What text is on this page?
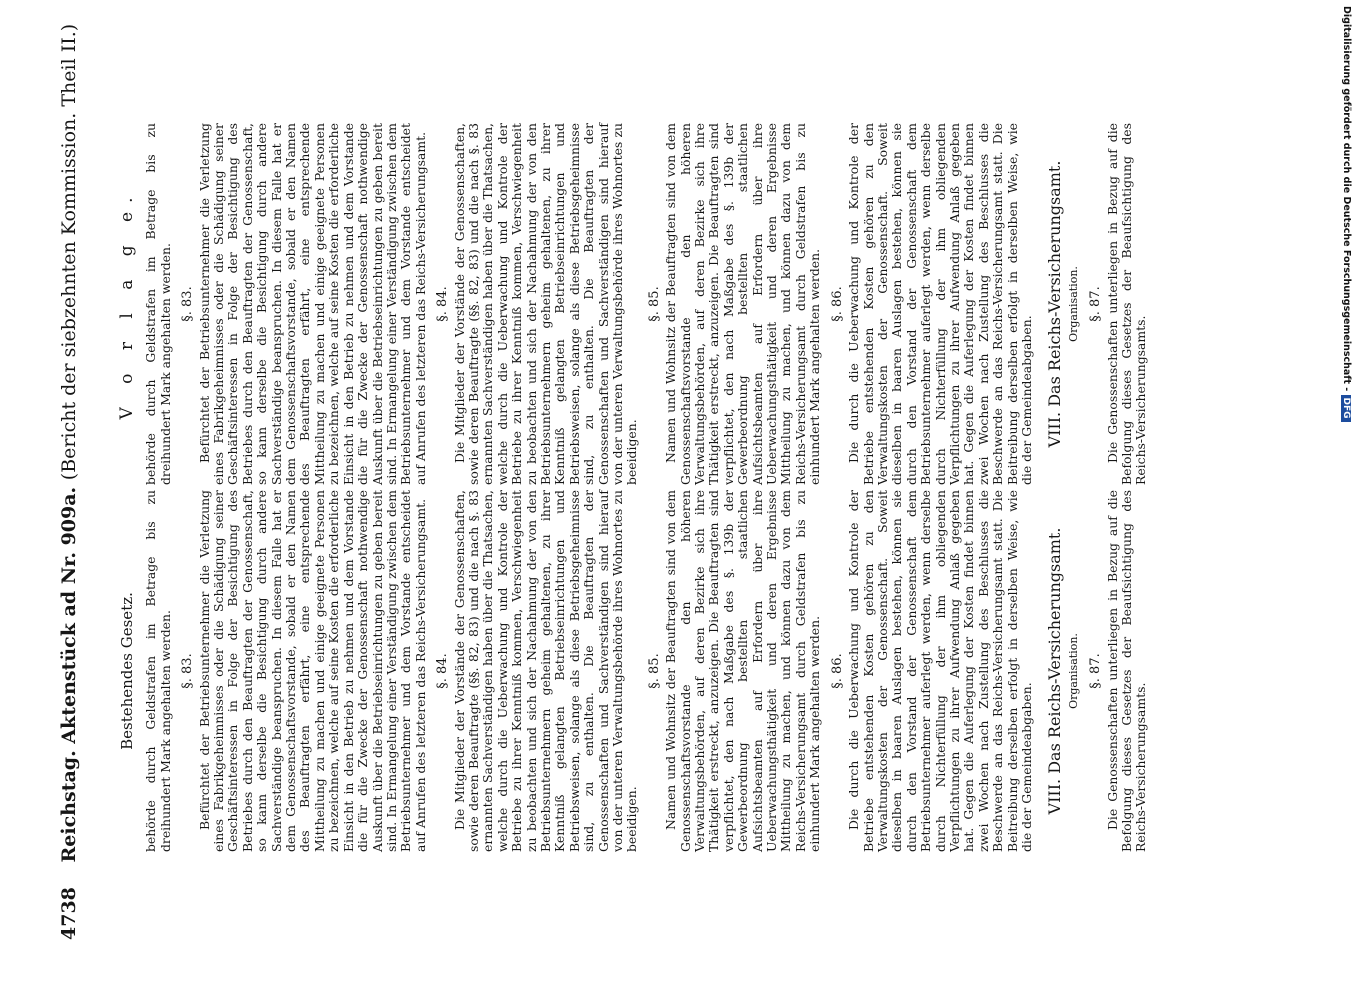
4738 Reichstag. Aktenstück ad Nr. 909a. (Bericht der siebzehnten Kommission. Theil II.)
Bestehendes Gesetz. behörde durch Geldstrafen im Betrage bis zu dreihundert Mark angehalten werden. §. 83. Befürchtet der Betriebsunternehmer die Verletzung eines Fabrikgeheimnisses oder die Schädigung seiner Geschäftsinteressen in Folge der Besichtigung des Betriebes durch den Beauftragten der Genossenschaft, so kann derselbe die Besichtigung durch andere Sachverständige beanspruchen. In diesem Falle hat er dem Genossenschaftsvorstande, sobald er den Namen des Beauftragten erfährt, eine entsprechende Mittheilung zu machen und einige geeignete Personen zu bezeichnen, welche auf seine Kosten die erforderliche Einsicht in den Betrieb zu nehmen und dem Vorstande die für die Zwecke der Genossenschaft nothwendige Auskunft über die Betriebseinrichtungen zu geben bereit sind. In Ermangelung einer Verständigung zwischen dem Betriebsunternehmer und dem Vorstande entscheidet auf Anrufen des letzteren das Reichs-Versicherungsamt. §. 84. Die Mitglieder der Vorstände der Genossenschaften, sowie deren Beauftragte (§§. 82, 83) und die nach §. 83 ernannten Sachverständigen haben über die Thatsachen, welche durch die Ueberwachung und Kontrole der Betriebe zu ihrer Kenntniß kommen, Verschwiegenheit zu beobachten und sich der Nachahmung der von den Betriebsunternehmern geheim gehaltenen, zu ihrer Kenntniß gelangten Betriebseinrichtungen und Betriebsweisen, solange als diese Betriebsgeheimnisse sind, zu enthalten. Die Beauftragten der Genossenschaften und Sachverständigen sind hierauf von der unteren Verwaltungsbehörde ihres Wohnortes zu beeidigen.

§. 85. Namen und Wohnsitz der Beauftragten sind von dem Genossenschaftsvorstande den höheren Verwaltungsbehörden, auf deren Bezirke sich ihre Thätigkeit erstreckt, anzuzeigen. Die Beauftragten sind verpflichtet, den nach Maßgabe des §. 139b der Gewerbeordnung bestellten staatlichen Aufsichtsbeamten auf Erfordern über ihre Ueberwachungsthätigkeit und deren Ergebnisse Mittheilung zu machen, und können dazu von dem Reichs-Versicherungsamt durch Geldstrafen bis zu einhundert Mark angehalten werden. §. 86. Die durch die Ueberwachung und Kontrole der Betriebe entstehenden Kosten gehören zu den Verwaltungskosten der Genossenschaft. Soweit dieselben in baaren Auslagen bestehen, können sie durch den Vorstand der Genossenschaft dem Betriebsunternehmer auferlegt werden, wenn derselbe durch Nichterfüllung der ihm obliegenden Verpflichtungen zu ihrer Aufwendung Anlaß gegeben hat. Gegen die Auferlegung der Kosten findet binnen zwei Wochen nach Zustellung des Beschlusses die Beschwerde an das Reichs-Versicherungsamt statt. Die Beitreibung derselben erfolgt in derselben Weise, wie die der Gemeindeabgaben. VIII. Das Reichs-Versicherungsamt. Organisation. §. 87. Die Genossenschaften unterliegen in Bezug auf die Befolgung dieses Gesetzes der Beaufsichtigung des Reichs-Versicherungsamts.

V o r l a g e. behörde durch Geldstrafen im Betrage bis zu dreihundert Mark angehalten werden. §. 83. Befürchtet der Betriebsunternehmer die Verletzung eines Fabrikgeheimnisses oder die Schädigung seiner Geschäftsinteressen in Folge der Besichtigung des Betriebes durch den Beauftragten der Genossenschaft, so kann derselbe die Besichtigung durch andere Sachverständige beanspruchen. In diesem Falle hat er dem Genossenschaftsvorstande, sobald er den Namen des Beauftragten erfährt, eine entsprechende Mittheilung zu machen und einige geeignete Personen zu bezeichnen, welche auf seine Kosten die erforderliche Einsicht in den Betrieb zu nehmen und dem Vorstande die für die Zwecke der Genossenschaft nothwendige Auskunft über die Betriebseinrichtungen zu geben bereit sind. In Ermangelung einer Verständigung zwischen dem Betriebsunternehmer und dem Vorstande entscheidet auf Anrufen des letzteren das Reichs-Versicherungsamt. §. 84. Die Mitglieder der Vorstände der Genossenschaften, sowie deren Beauftragte (§§. 82, 83) und die nach §. 83 ernannten Sachverständigen haben über die Thatsachen, welche durch die Ueberwachung und Kontrole der Betriebe zu ihrer Kenntniß kommen, Verschwiegenheit zu beobachten und sich der Nachahmung der von den Betriebsunternehmern geheim gehaltenen, zu ihrer Kenntniß gelangten Betriebseinrichtungen und Betriebsweisen, solange als diese Betriebsgeheimnisse sind, zu enthalten. Die Beauftragten der Genossenschaften und Sachverständigen sind hierauf von der unteren Verwaltungsbehörde ihres Wohnortes zu beeidigen.

§. 85. Namen und Wohnsitz der Beauftragten sind von dem Genossenschaftsvorstande den höheren Verwaltungsbehörden, auf deren Bezirke sich ihre Thätigkeit erstreckt, anzuzeigen. Die Beauftragten sind verpflichtet, den nach Maßgabe des §. 139b der Gewerbeordnung bestellten staatlichen Aufsichtsbeamten auf Erfordern über ihre Ueberwachungsthätigkeit und deren Ergebnisse Mittheilung zu machen, und können dazu von dem Reichs-Versicherungsamt durch Geldstrafen bis zu einhundert Mark angehalten werden. §. 86. Die durch die Ueberwachung und Kontrole der Betriebe entstehenden Kosten gehören zu den Verwaltungskosten der Genossenschaft. Soweit dieselben in baaren Auslagen bestehen, können sie durch den Vorstand der Genossenschaft dem Betriebsunternehmer auferlegt werden, wenn derselbe durch Nichterfüllung der ihm obliegenden Verpflichtungen zu ihrer Aufwendung Anlaß gegeben hat. Gegen die Auferlegung der Kosten findet binnen zwei Wochen nach Zustellung des Beschlusses die Beschwerde an das Reichs-Versicherungsamt statt. Die Beitreibung derselben erfolgt in derselben Weise, wie die der Gemeindeabgaben. VIII. Das Reichs-Versicherungsamt. Organisation. §. 87. Die Genossenschaften unterliegen in Bezug auf die Befolgung dieses Gesetzes der Beaufsichtigung des Reichs-Versicherungsamts.

Digitalisierung gefördert durch die Deutsche Forschungsgemeinschaft - DFG
